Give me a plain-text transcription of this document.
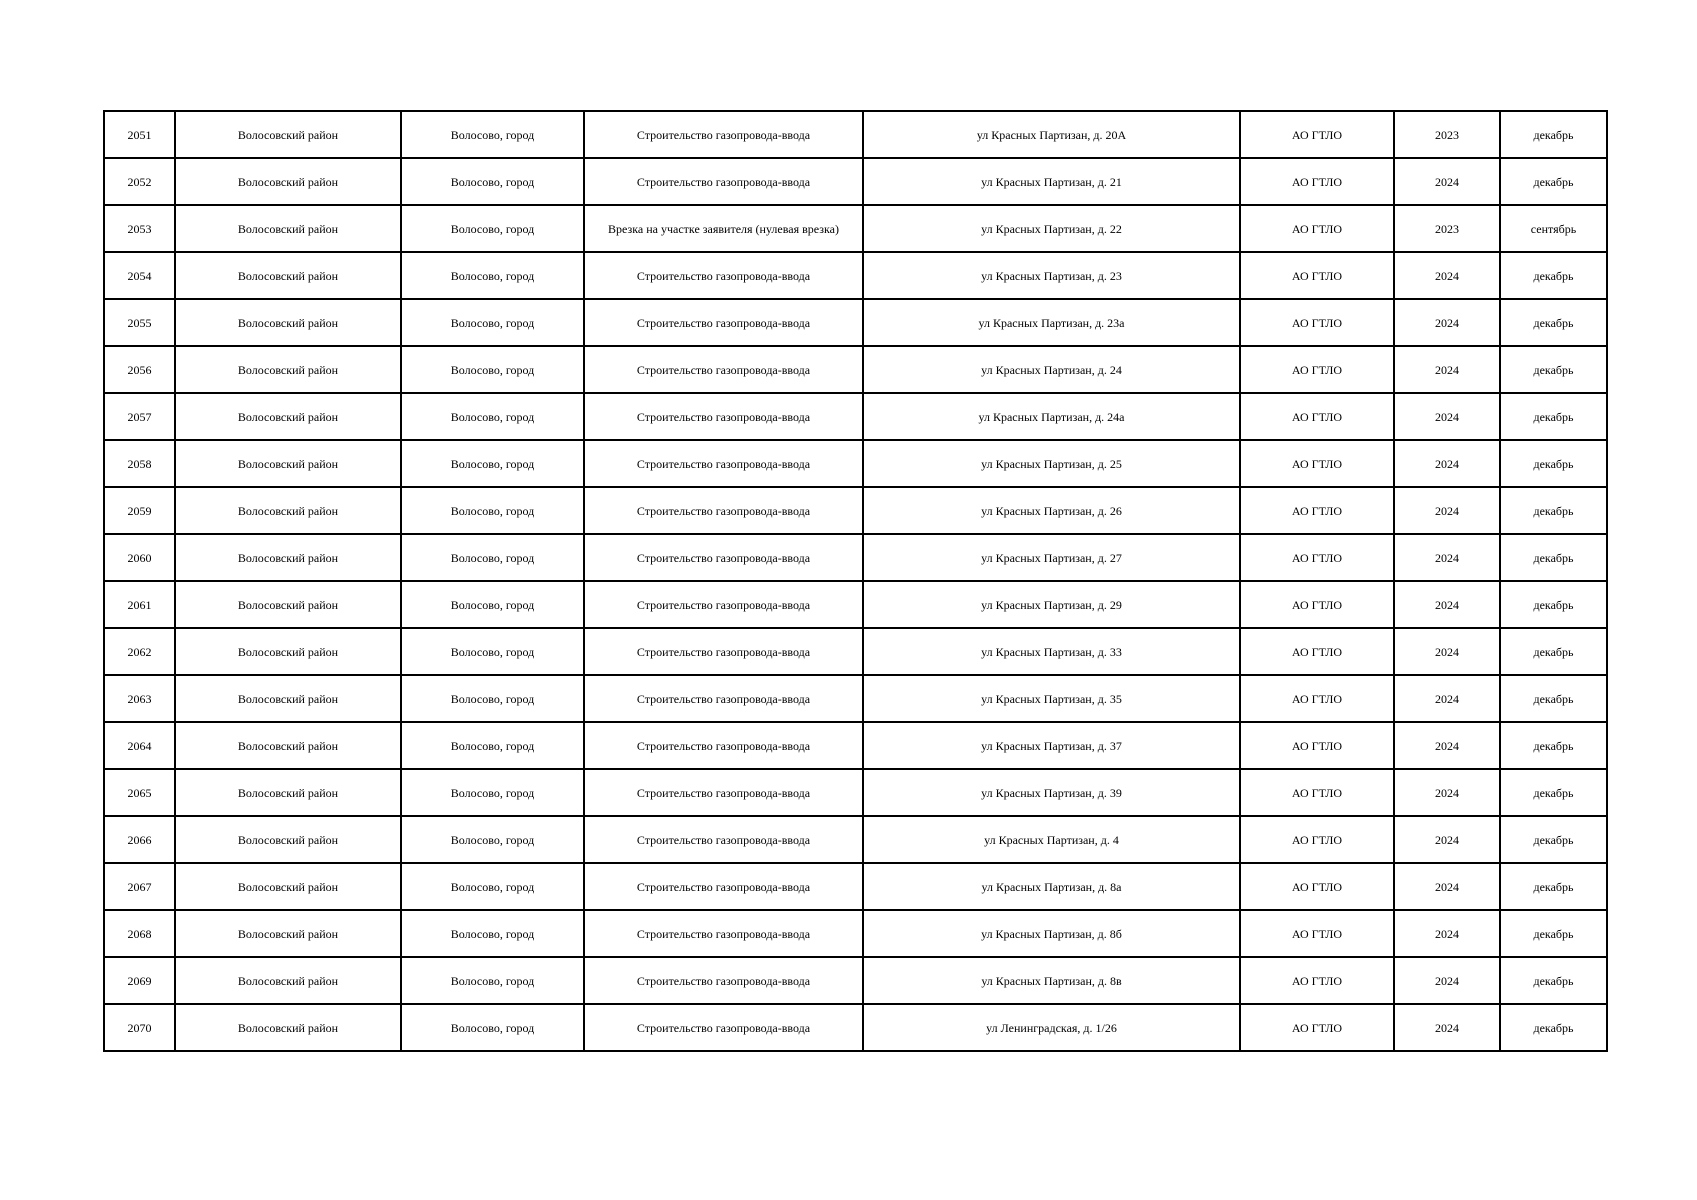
2051	Волосовский район	Волосово, город	Строительство газопровода-ввода	ул Красных Партизан, д. 20А	АО ГТЛО	2023	декабрь
2052	Волосовский район	Волосово, город	Строительство газопровода-ввода	ул Красных Партизан, д. 21	АО ГТЛО	2024	декабрь
2053	Волосовский район	Волосово, город	Врезка на участке заявителя (нулевая врезка)	ул Красных Партизан, д. 22	АО ГТЛО	2023	сентябрь
2054	Волосовский район	Волосово, город	Строительство газопровода-ввода	ул Красных Партизан, д. 23	АО ГТЛО	2024	декабрь
2055	Волосовский район	Волосово, город	Строительство газопровода-ввода	ул Красных Партизан, д. 23а	АО ГТЛО	2024	декабрь
2056	Волосовский район	Волосово, город	Строительство газопровода-ввода	ул Красных Партизан, д. 24	АО ГТЛО	2024	декабрь
2057	Волосовский район	Волосово, город	Строительство газопровода-ввода	ул Красных Партизан, д. 24а	АО ГТЛО	2024	декабрь
2058	Волосовский район	Волосово, город	Строительство газопровода-ввода	ул Красных Партизан, д. 25	АО ГТЛО	2024	декабрь
2059	Волосовский район	Волосово, город	Строительство газопровода-ввода	ул Красных Партизан, д. 26	АО ГТЛО	2024	декабрь
2060	Волосовский район	Волосово, город	Строительство газопровода-ввода	ул Красных Партизан, д. 27	АО ГТЛО	2024	декабрь
2061	Волосовский район	Волосово, город	Строительство газопровода-ввода	ул Красных Партизан, д. 29	АО ГТЛО	2024	декабрь
2062	Волосовский район	Волосово, город	Строительство газопровода-ввода	ул Красных Партизан, д. 33	АО ГТЛО	2024	декабрь
2063	Волосовский район	Волосово, город	Строительство газопровода-ввода	ул Красных Партизан, д. 35	АО ГТЛО	2024	декабрь
2064	Волосовский район	Волосово, город	Строительство газопровода-ввода	ул Красных Партизан, д. 37	АО ГТЛО	2024	декабрь
2065	Волосовский район	Волосово, город	Строительство газопровода-ввода	ул Красных Партизан, д. 39	АО ГТЛО	2024	декабрь
2066	Волосовский район	Волосово, город	Строительство газопровода-ввода	ул Красных Партизан, д. 4	АО ГТЛО	2024	декабрь
2067	Волосовский район	Волосово, город	Строительство газопровода-ввода	ул Красных Партизан, д. 8а	АО ГТЛО	2024	декабрь
2068	Волосовский район	Волосово, город	Строительство газопровода-ввода	ул Красных Партизан, д. 8б	АО ГТЛО	2024	декабрь
2069	Волосовский район	Волосово, город	Строительство газопровода-ввода	ул Красных Партизан, д. 8в	АО ГТЛО	2024	декабрь
2070	Волосовский район	Волосово, город	Строительство газопровода-ввода	ул Ленинградская, д. 1/26	АО ГТЛО	2024	декабрь
